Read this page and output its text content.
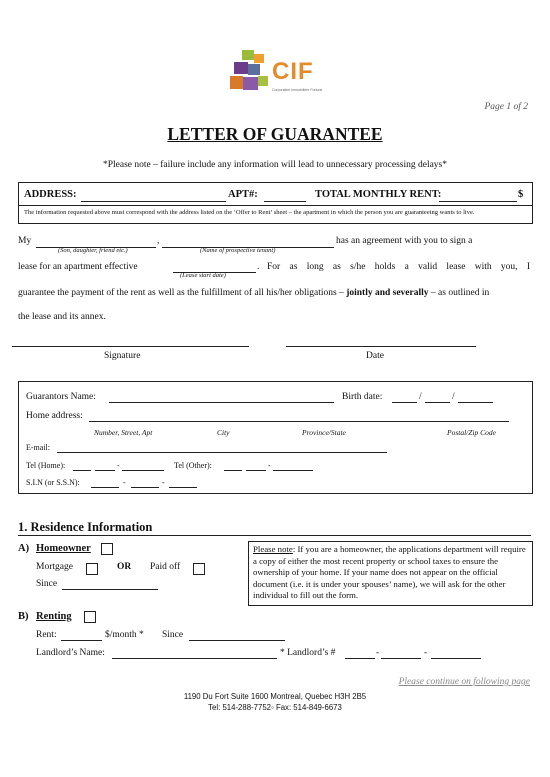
CIF
Corporation Immobilière Fortune
Page 1 of 2
LETTER OF GUARANTEE
*Please note – failure include any information will lead to unnecessary processing delays*
ADDRESS:	APT#:	TOTAL MONTHLY RENT:	$
The information requested above must correspond with the address listed on the ‘Offer to Rent’ sheet – the apartment in which the person you are guaranteeing wants to live.
My	,	has an agreement with you to sign a
(Son, daughter, friend etc.)	(Name of prospective tenant)
lease for an apartment effective	. For as long as s/he holds a valid lease with you, I
(Lease start date)
guarantee the payment of the rent as well as the fulfillment of all his/her obligations – jointly and severally – as outlined in
the lease and its annex.
Signature	Date
Guarantors Name:	Birth date:	/	/
Home address:
Number, Street, Apt	City	Province/State	Postal/Zip Code
E-mail:
Tel (Home):	-	Tel (Other):	-
S.I.N (or S.S.N):	-	-
1. Residence Information
A) Homeowner
Mortgage	OR Paid off
Since
Please note: If you are a homeowner, the applications department will require a copy of either the most recent property or school taxes to ensure the ownership of your home. If your name does not appear on the official document (i.e. it is under your spouses’ name), we will ask for the other individual to fill out the form.
B) Renting
Rent:	$/month * Since
Landlord’s Name:	* Landlord’s #	-	-
Please continue on following page
1190 Du Fort Suite 1600 Montreal, Quebec H3H 2B5
Tel: 514-288-7752◦ Fax: 514-849-6673
